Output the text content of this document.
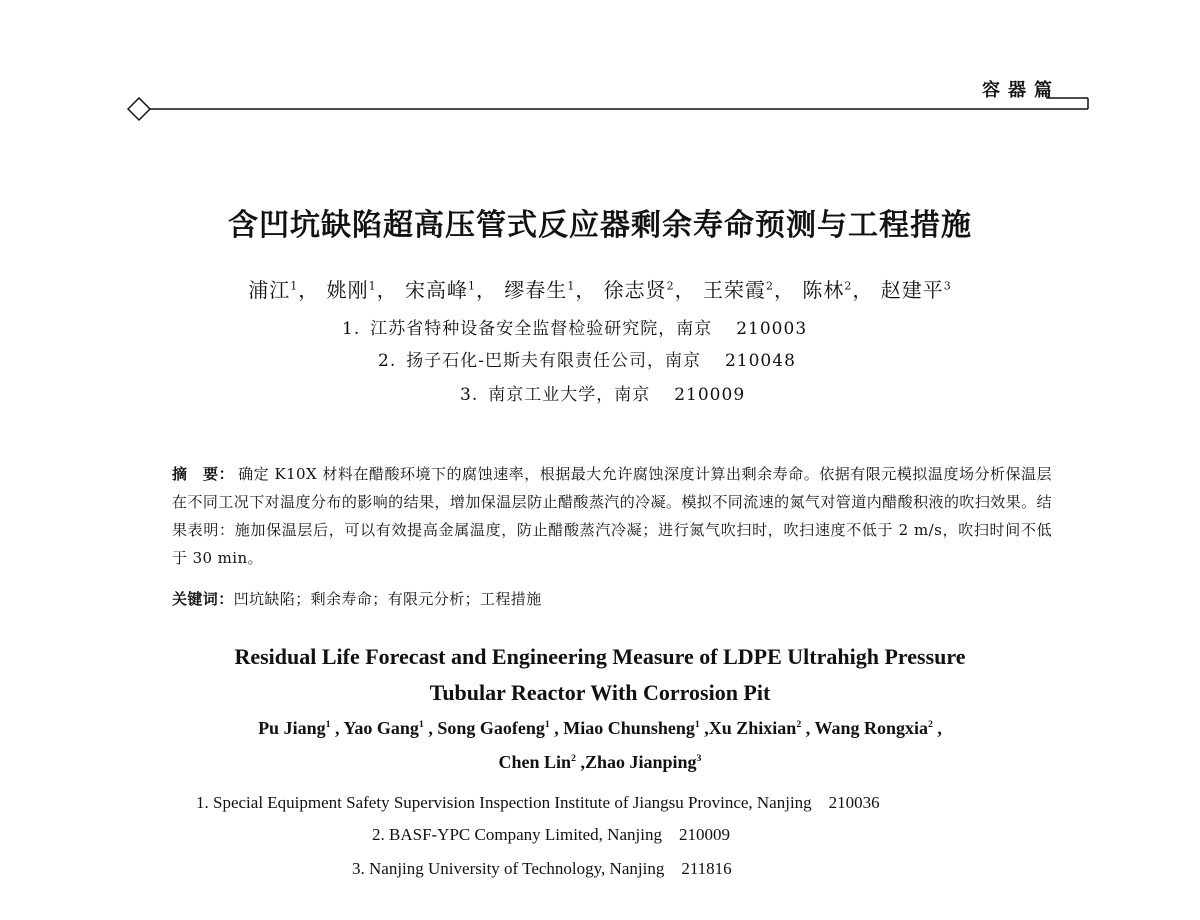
容器篇
含凹坑缺陷超高压管式反应器剩余寿命预测与工程措施
浦江$^1$， 姚刚$^1$， 宋高峰$^1$， 缪春生$^1$， 徐志贤$^2$， 王荣霞$^2$， 陈林$^2$， 赵建平$^3$
1. 江苏省特种设备安全监督检验研究院，南京 210003
2. 扬子石化-巴斯夫有限责任公司，南京 210048
3. 南京工业大学，南京 210009
摘　要： 确定 K10X 材料在醋酸环境下的腐蚀速率，根据最大允许腐蚀深度计算出剩余寿命。依据有限元模拟温度场分析保温层在不同工况下对温度分布的影响的结果，增加保温层防止醋酸蒸汽的冷凝。模拟不同流速的氮气对管道内醋酸积液的吹扫效果。结果表明：施加保温层后，可以有效提高金属温度，防止醋酸蒸汽冷凝；进行氮气吹扫时，吹扫速度不低于 2 m/s，吹扫时间不低于 30 min。
关键词：凹坑缺陷；剩余寿命；有限元分析；工程措施
Residual Life Forecast and Engineering Measure of LDPE Ultrahigh Pressure
Tubular Reactor With Corrosion Pit
Pu Jiang$^1$ , Yao Gang$^1$ , Song Gaofeng$^1$ , Miao Chunsheng$^1$ ,Xu Zhixian$^2$ , Wang Rongxia$^2$ ,
Chen Lin$^2$ ,Zhao Jianping$^3$
1. Special Equipment Safety Supervision Inspection Institute of Jiangsu Province, Nanjing　210036
2. BASF-YPC Company Limited, Nanjing　210009
3. Nanjing University of Technology, Nanjing　211816
